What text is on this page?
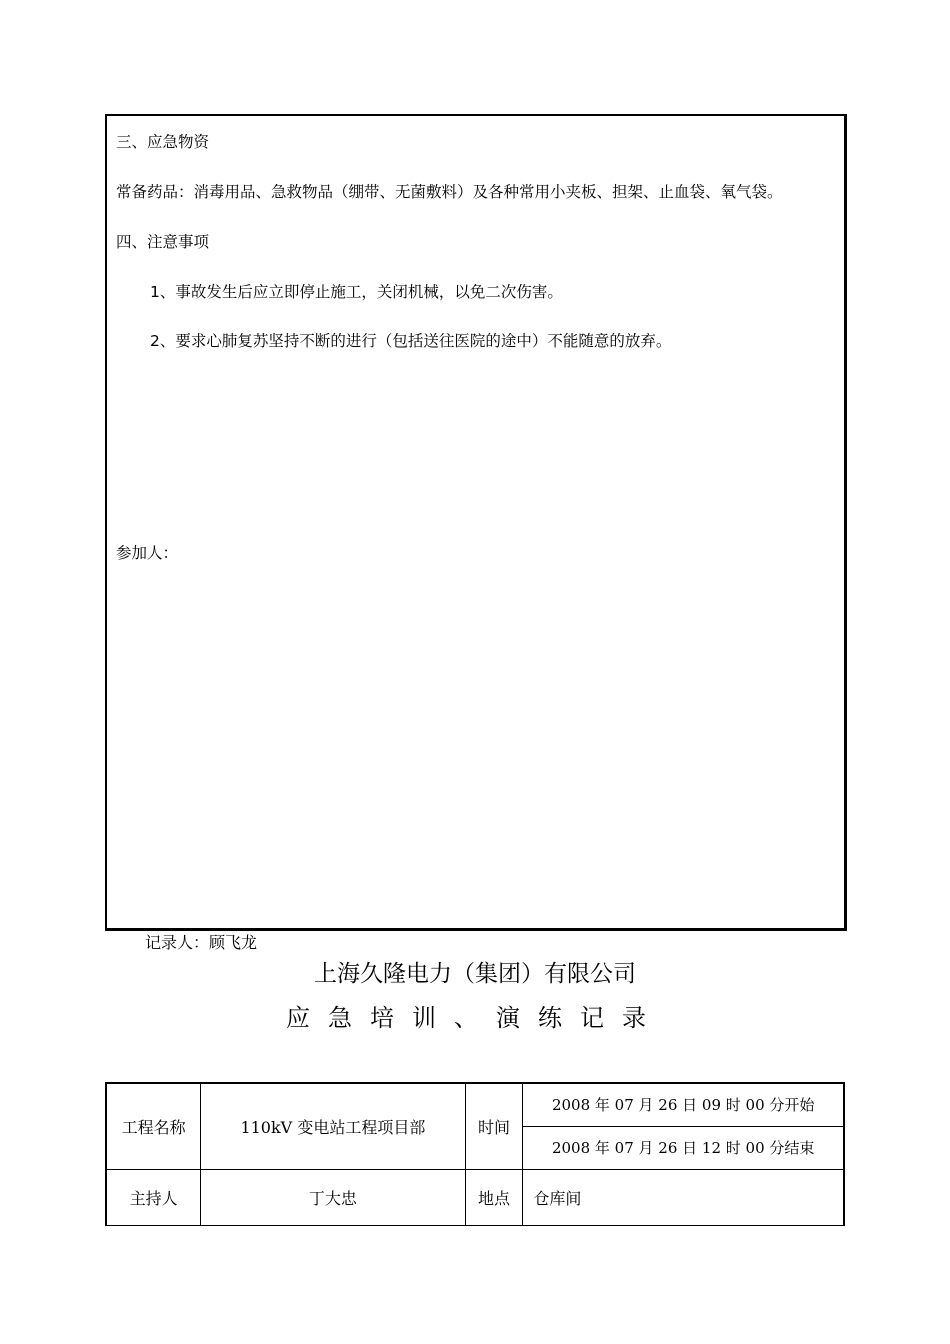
三、应急物资
常备药品：消毒用品、急救物品（绷带、无菌敷料）及各种常用小夹板、担架、止血袋、氧气袋。
四、注意事项
1、事故发生后应立即停止施工，关闭机械，以免二次伤害。
2、要求心肺复苏坚持不断的进行（包括送往医院的途中）不能随意的放弃。
参加人：
记录人：顾飞龙
上海久隆电力（集团）有限公司
应急培训、演练记录
工程名称	110kV 变电站工程项目部	时间	2008 年 07 月 26 日 09 时 00 分开始
			2008 年 07 月 26 日 12 时 00 分结束
主持人	丁大忠	地点	仓库间
